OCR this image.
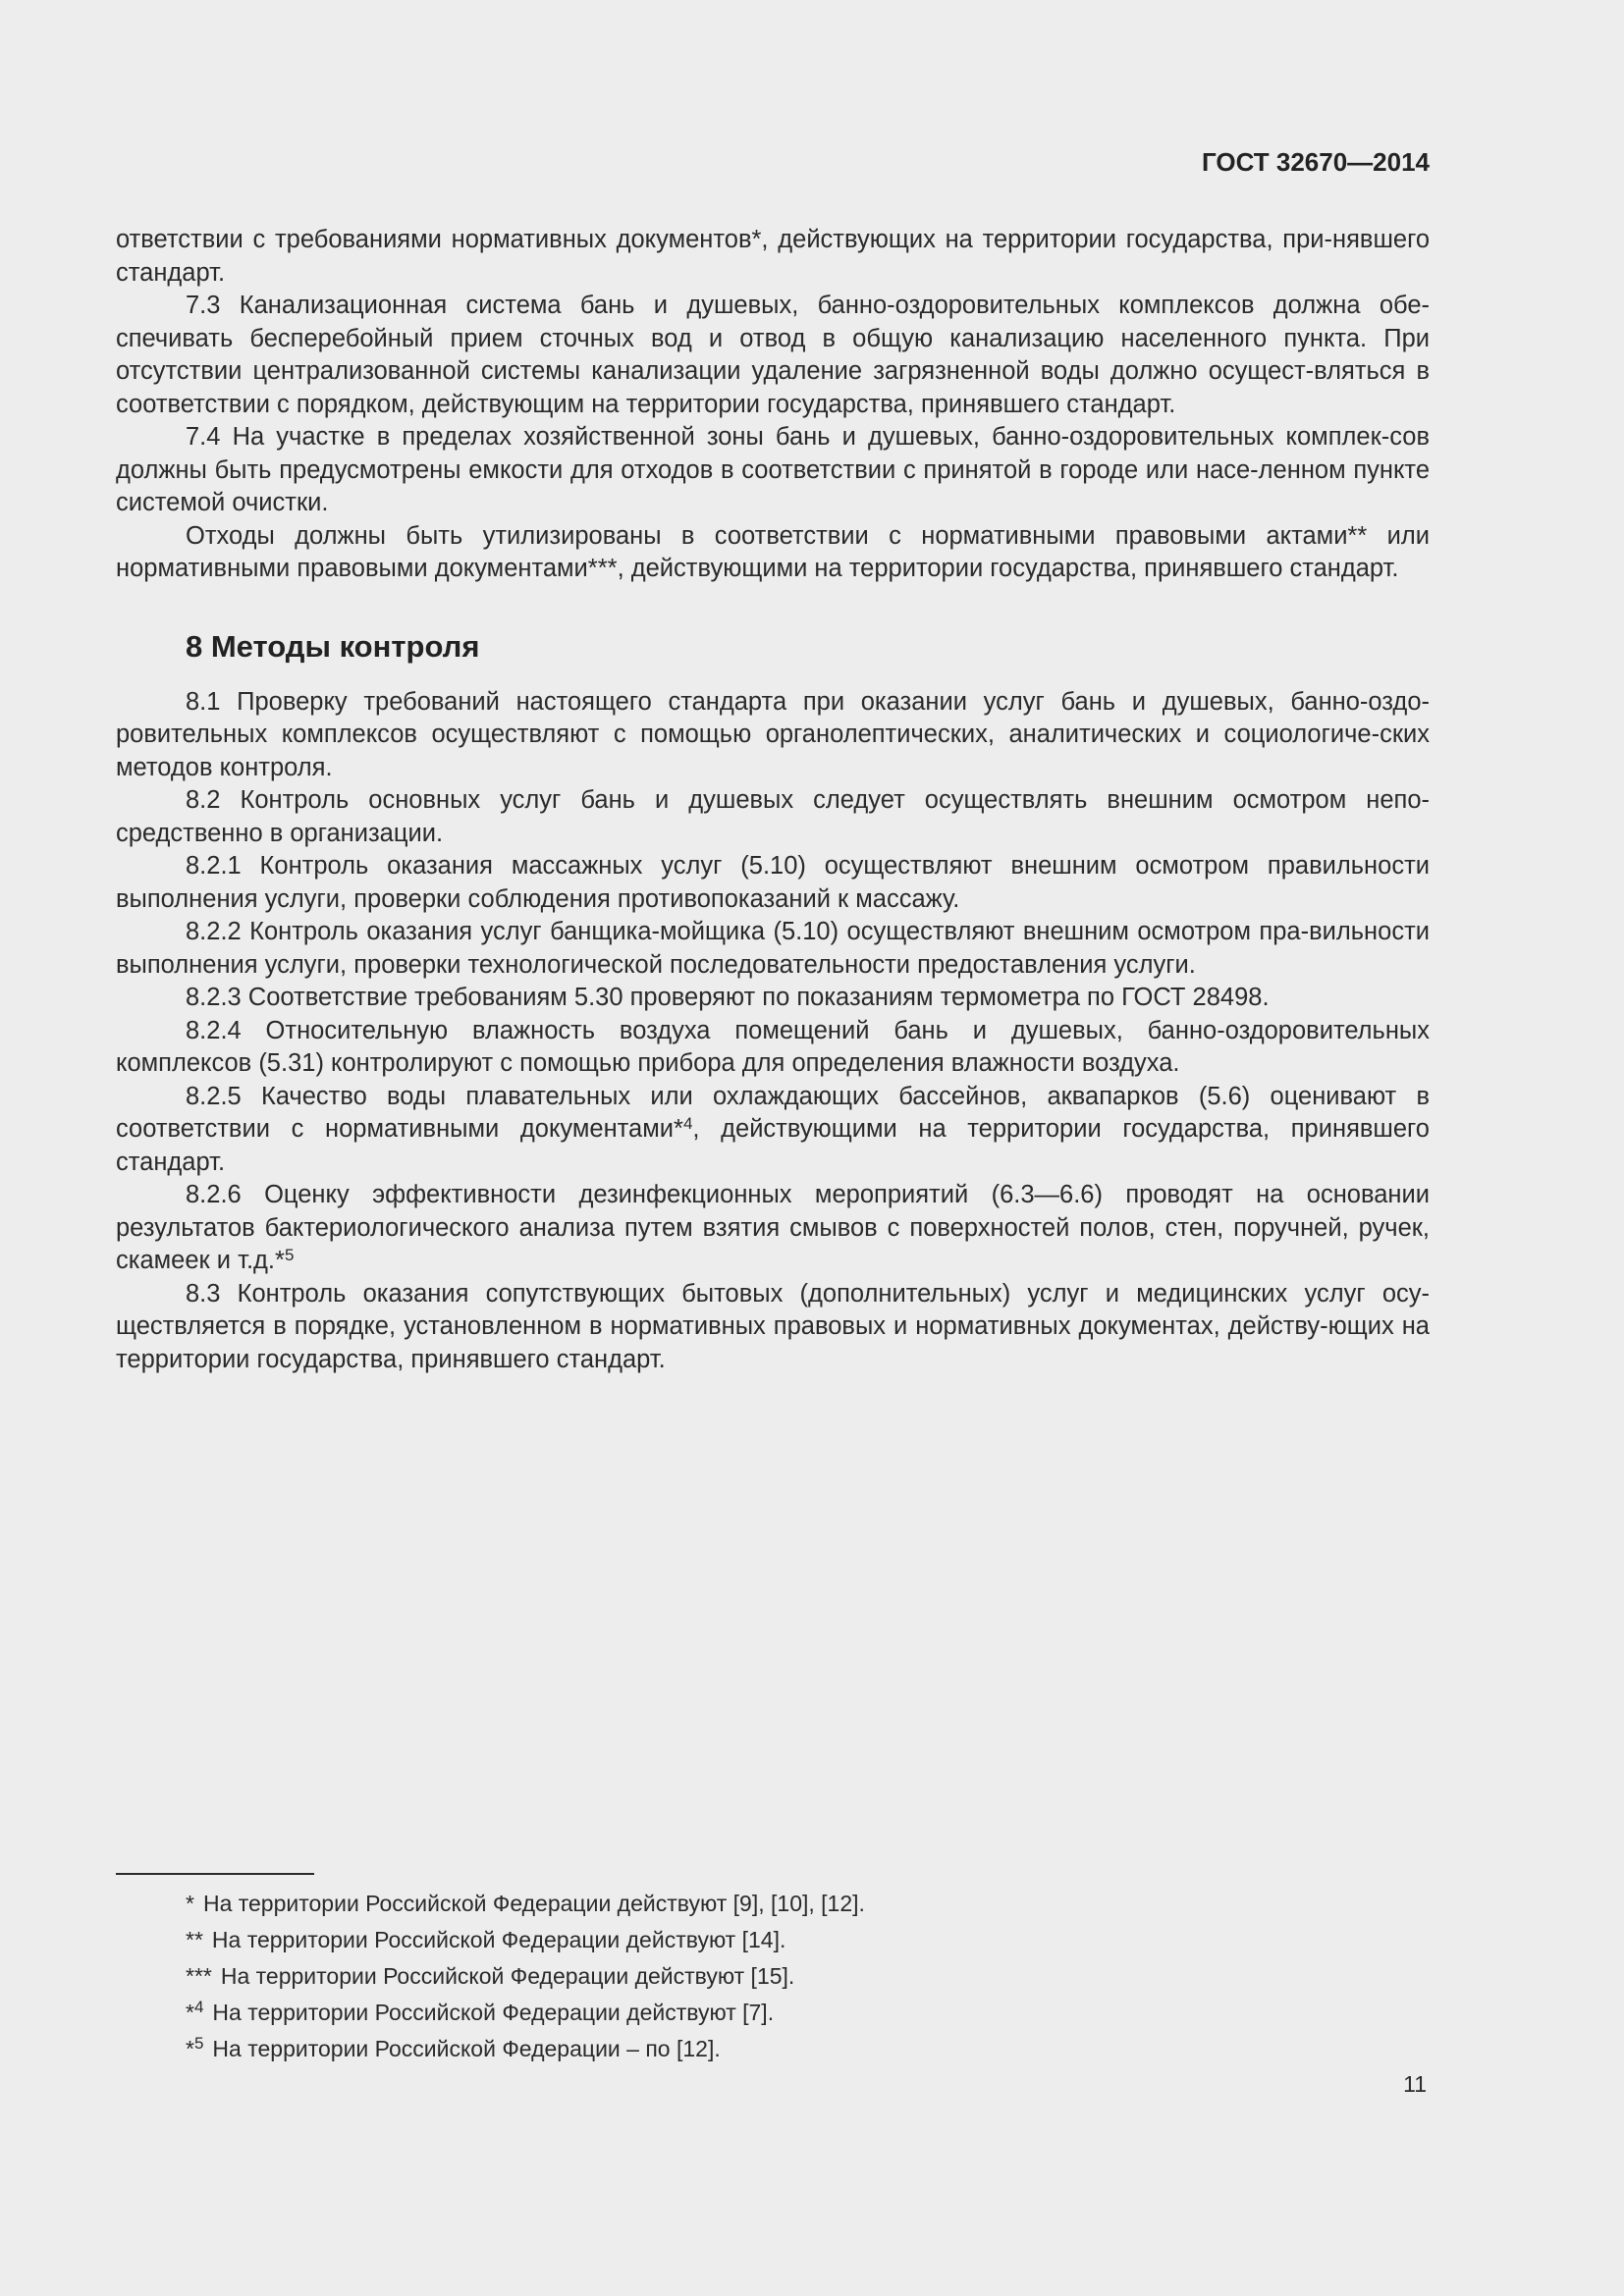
ГОСТ 32670—2014

ответствии с требованиями нормативных документов*, действующих на территории государства, при-нявшего стандарт.

7.3 Канализационная система бань и душевых, банно-оздоровительных комплексов должна обе-спечивать бесперебойный прием сточных вод и отвод в общую канализацию населенного пункта. При отсутствии централизованной системы канализации удаление загрязненной воды должно осущест-вляться в соответствии с порядком, действующим на территории государства, принявшего стандарт.

7.4 На участке в пределах хозяйственной зоны бань и душевых, банно-оздоровительных комплек-сов должны быть предусмотрены емкости для отходов в соответствии с принятой в городе или насе-ленном пункте системой очистки.

Отходы должны быть утилизированы в соответствии с нормативными правовыми актами** или нормативными правовыми документами***, действующими на территории государства, принявшего стандарт.

8 Методы контроля

8.1 Проверку требований настоящего стандарта при оказании услуг бань и душевых, банно-оздо-ровительных комплексов осуществляют с помощью органолептических, аналитических и социологиче-ских методов контроля.

8.2 Контроль основных услуг бань и душевых следует осуществлять внешним осмотром непо-средственно в организации.

8.2.1 Контроль оказания массажных услуг (5.10) осуществляют внешним осмотром правильности выполнения услуги, проверки соблюдения противопоказаний к массажу.

8.2.2 Контроль оказания услуг банщика-мойщика (5.10) осуществляют внешним осмотром пра-вильности выполнения услуги, проверки технологической последовательности предоставления услуги.

8.2.3 Соответствие требованиям 5.30 проверяют по показаниям термометра по ГОСТ 28498.

8.2.4 Относительную влажность воздуха помещений бань и душевых, банно-оздоровительных комплексов (5.31) контролируют с помощью прибора для определения влажности воздуха.

8.2.5 Качество воды плавательных или охлаждающих бассейнов, аквапарков (5.6) оценивают в соответствии с нормативными документами*$^4$, действующими на территории государства, принявшего стандарт.

8.2.6 Оценку эффективности дезинфекционных мероприятий (6.3—6.6) проводят на основании результатов бактериологического анализа путем взятия смывов с поверхностей полов, стен, поручней, ручек, скамеек и т.д.*$^5$

8.3 Контроль оказания сопутствующих бытовых (дополнительных) услуг и медицинских услуг осу-ществляется в порядке, установленном в нормативных правовых и нормативных документах, действу-ющих на территории государства, принявшего стандарт.

* На территории Российской Федерации действуют [9], [10], [12].

** На территории Российской Федерации действуют [14].

*** На территории Российской Федерации действуют [15].

*$^4$ На территории Российской Федерации действуют [7].

*$^5$ На территории Российской Федерации – по [12].

11
